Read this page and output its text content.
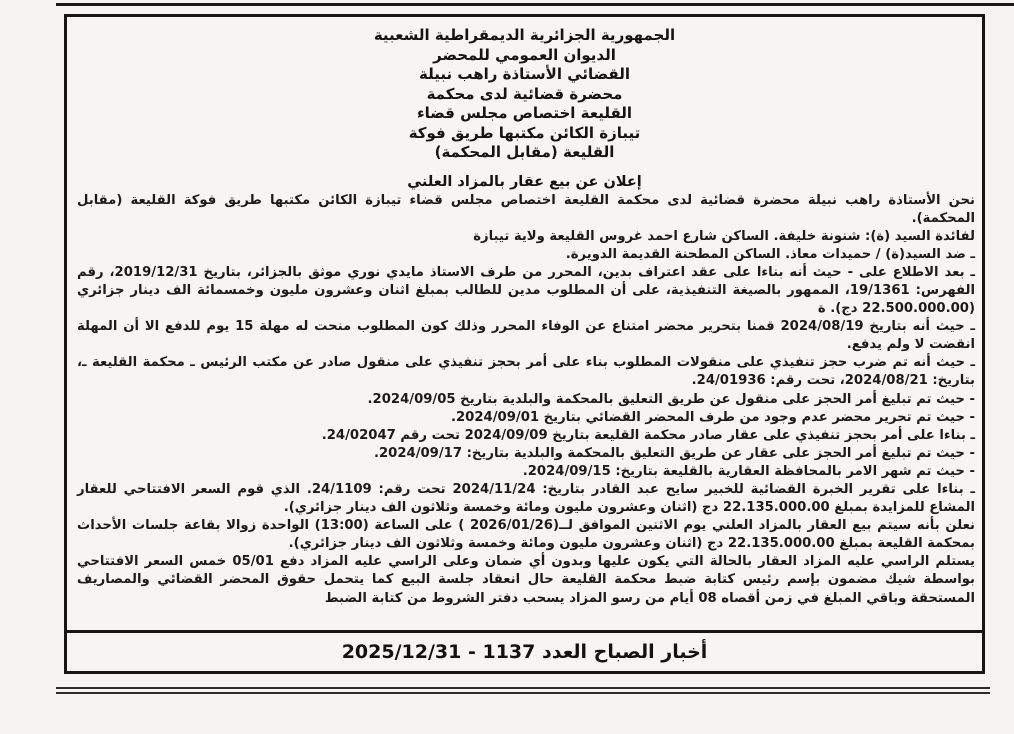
الجمهورية الجزائرية الديمقراطية الشعبية
الديوان العمومي للمحضر
القضائي الأستاذة راهب نبيلة
محضرة قضائية لدى محكمة
القليعة اختصاص مجلس قضاء
تيبازة الكائن مكتبها طريق فوكة
القليعة (مقابل المحكمة)
إعلان عن بيع عقار بالمزاد العلني

نحن الأستاذة راهب نبيلة محضرة قضائية لدى محكمة القليعة اختصاص مجلس قضاء تيبازة الكائن مكتبها طريق فوكة القليعة (مقابل المحكمة).

لفائدة السيد (ة): شنونة خليفة. الساكن شارع احمد غروس القليعة ولاية تيبازة

ـ ضد السيد(ة) / حميدات معاذ. الساكن المطحنة القديمة الدويرة.

ـ بعد الاطلاع على - حيث أنه بناءا على عقد اعتراف بدين، المحرر من طرف الاستاذ مايدي نوري موثق بالجزائر، بتاريخ 2019/12/31، رقم الفهرس: 19/1361، الممهور بالصيغة التنفيذية، على أن المطلوب مدين للطالب بمبلغ اثنان وعشرون مليون وخمسمائة الف دينار جزائري (22.500.000.00 دج). ة

ـ حيث أنه بتاريخ 2024/08/19 قمنا بتحرير محضر امتناع عن الوفاء المحرر وذلك كون المطلوب منحت له مهلة 15 يوم للدفع الا أن المهلة انقضت لا ولم يدفع.

ـ حيث أنه تم ضرب حجز تنفيذي على منقولات المطلوب بناء على أمر بحجز تنفيذي على منقول صادر عن مكتب الرئيس ـ محكمة القليعة ـ، بتاريخ: 2024/08/21، تحت رقم: 24/01936.

- حيث تم تبليغ أمر الحجز على منقول عن طريق التعليق بالمحكمة والبلدية بتاريخ 2024/09/05.

- حيث تم تحرير محضر عدم وجود من طرف المحضر القضائي بتاريخ 2024/09/01.

ـ بناءا على أمر بحجز تنفيذي على عقار صادر محكمة القليعة بتاريخ 2024/09/09 تحت رقم 24/02047.

- حيث تم تبليغ أمر الحجز على عقار عن طريق التعليق بالمحكمة والبلدية بتاريخ: 2024/09/17.

- حيث تم شهر الامر بالمحافظة العقارية بالقليعة بتاريخ: 2024/09/15.

ـ بناءا على تقرير الخبرة القضائية للخبير سايح عبد القادر بتاريخ: 2024/11/24 تحت رقم: 24/1109. الذي قوم السعر الافتتاحي للعقار المشاع للمزايدة بمبلغ 22.135.000.00 دج (اثنان وعشرون مليون ومائة وخمسة وثلاثون الف دينار جزائري).

نعلن بأنه سيتم بيع العقار بالمزاد العلني يوم الاثنين الموافق لــ(2026/01/26 ) على الساعة (13:00) الواحدة زوالا بقاعة جلسات الأحداث بمحكمة القليعة بمبلغ 22.135.000.00 دج (اثنان وعشرون مليون ومائة وخمسة وثلاثون الف دينار جزائري).

يستلم الراسي عليه المزاد العقار بالحالة التي يكون عليها وبدون أي ضمان وعلى الراسي عليه المزاد دفع 05/01 خمس السعر الافتتاحي بواسطة شيك مضمون بإسم رئيس كتابة ضبط محكمة القليعة حال انعقاد جلسة البيع كما يتحمل حقوق المحضر القضائي والمصاريف المستحقة وباقي المبلغ في زمن أقصاه 08 أيام من رسو المزاد يسحب دفتر الشروط من كتابة الضبط

أخبار الصباح العدد 1137 - 2025/12/31
